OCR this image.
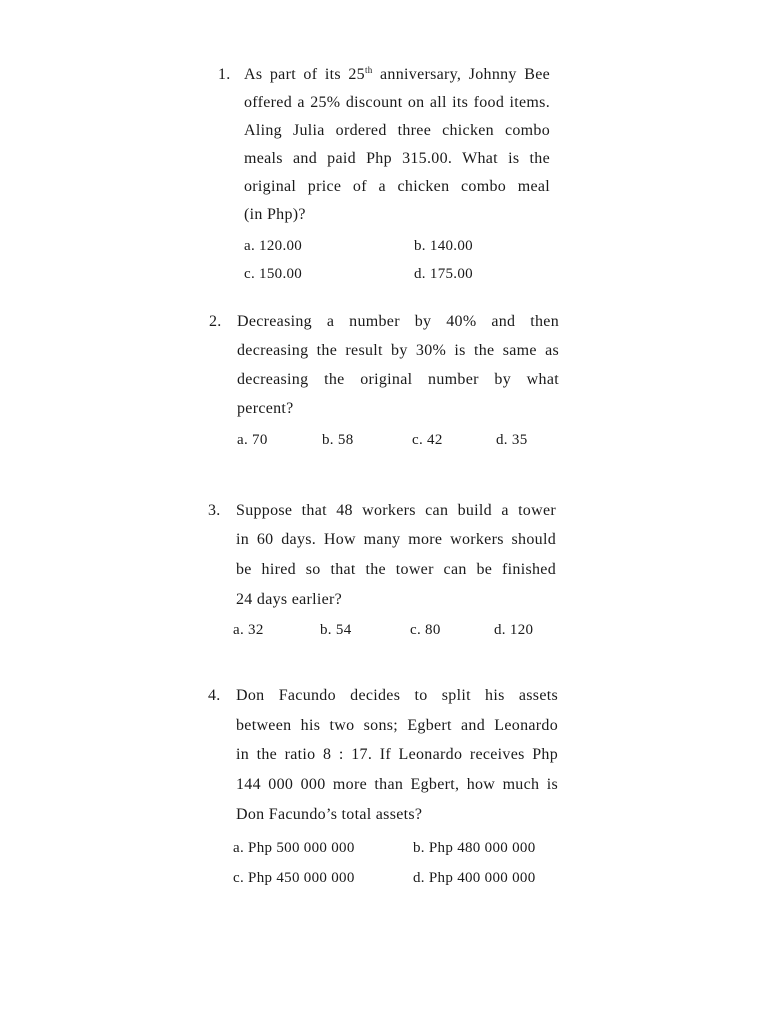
1. As part of its 25th anniversary, Johnny Bee
offered a 25% discount on all its food items.
Aling Julia ordered three chicken combo
meals and paid Php 315.00. What is the
original price of a chicken combo meal
(in Php)?
a. 120.00	b. 140.00
c. 150.00	d. 175.00
2. Decreasing a number by 40% and then
decreasing the result by 30% is the same as
decreasing the original number by what
percent?
a. 70	b. 58	c. 42	d. 35
3. Suppose that 48 workers can build a tower
in 60 days. How many more workers should
be hired so that the tower can be finished
24 days earlier?
a. 32	b. 54	c. 80	d. 120
4. Don Facundo decides to split his assets
between his two sons; Egbert and Leonardo
in the ratio 8 : 17. If Leonardo receives Php
144 000 000 more than Egbert, how much is
Don Facundo’s total assets?
a. Php 500 000 000	b. Php 480 000 000
c. Php 450 000 000	d. Php 400 000 000
